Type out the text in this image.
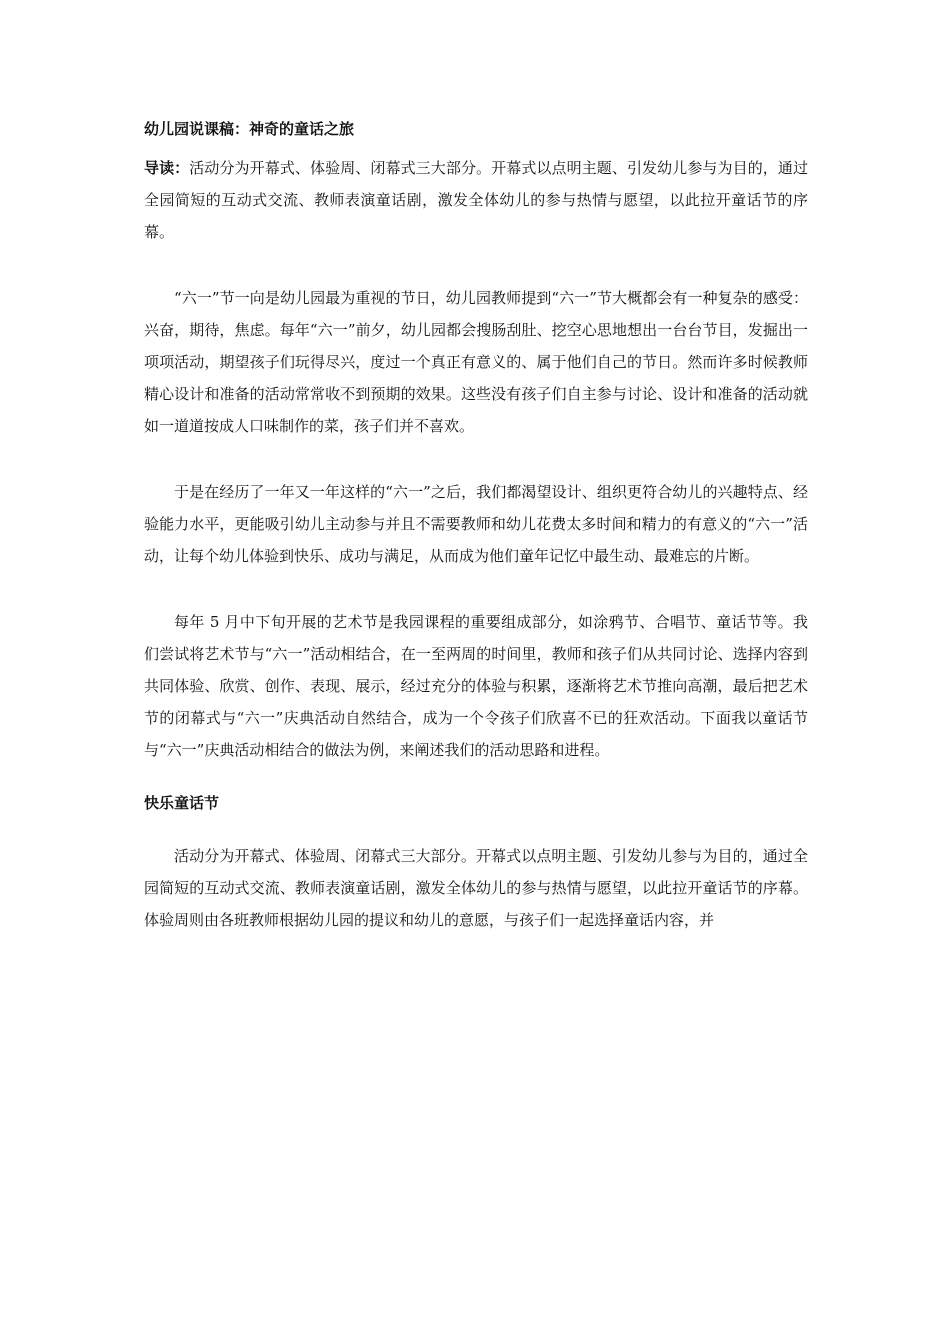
幼儿园说课稿：神奇的童话之旅

导读：活动分为开幕式、体验周、闭幕式三大部分。开幕式以点明主题、引发幼儿参与为目的，通过全园简短的互动式交流、教师表演童话剧，激发全体幼儿的参与热情与愿望，以此拉开童话节的序幕。

“六一”节一向是幼儿园最为重视的节日，幼儿园教师提到“六一”节大概都会有一种复杂的感受：兴奋，期待，焦虑。每年“六一”前夕，幼儿园都会搜肠刮肚、挖空心思地想出一台台节目，发掘出一项项活动，期望孩子们玩得尽兴，度过一个真正有意义的、属于他们自己的节日。然而许多时候教师精心设计和准备的活动常常收不到预期的效果。这些没有孩子们自主参与讨论、设计和准备的活动就如一道道按成人口味制作的菜，孩子们并不喜欢。

于是在经历了一年又一年这样的“六一”之后，我们都渴望设计、组织更符合幼儿的兴趣特点、经验能力水平，更能吸引幼儿主动参与并且不需要教师和幼儿花费太多时间和精力的有意义的“六一”活动，让每个幼儿体验到快乐、成功与满足，从而成为他们童年记忆中最生动、最难忘的片断。

每年 5 月中下旬开展的艺术节是我园课程的重要组成部分，如涂鸦节、合唱节、童话节等。我们尝试将艺术节与“六一”活动相结合，在一至两周的时间里，教师和孩子们从共同讨论、选择内容到共同体验、欣赏、创作、表现、展示，经过充分的体验与积累，逐渐将艺术节推向高潮，最后把艺术节的闭幕式与“六一”庆典活动自然结合，成为一个令孩子们欣喜不已的狂欢活动。下面我以童话节与“六一”庆典活动相结合的做法为例，来阐述我们的活动思路和进程。

快乐童话节

活动分为开幕式、体验周、闭幕式三大部分。开幕式以点明主题、引发幼儿参与为目的，通过全园简短的互动式交流、教师表演童话剧，激发全体幼儿的参与热情与愿望，以此拉开童话节的序幕。体验周则由各班教师根据幼儿园的提议和幼儿的意愿，与孩子们一起选择童话内容，并
